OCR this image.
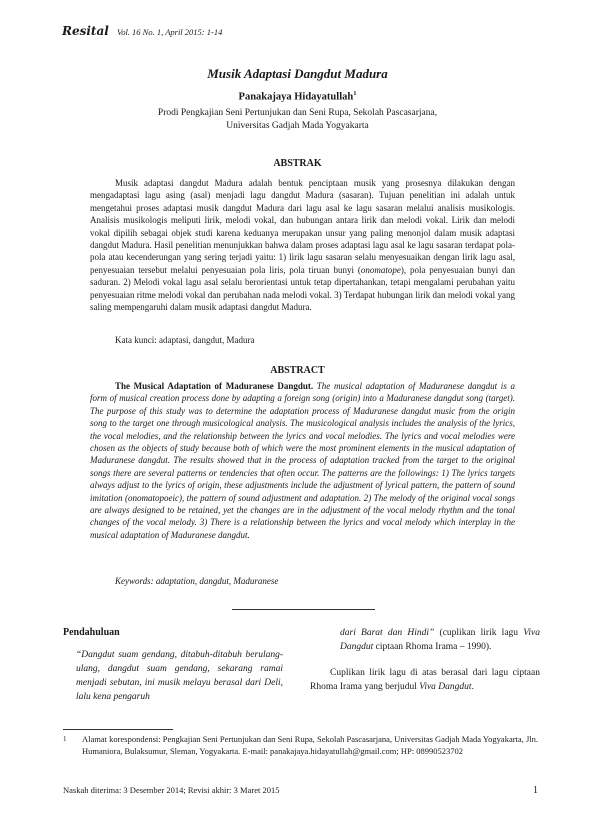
Resital Vol. 16 No. 1, April 2015: 1-14
Musik Adaptasi Dangdut Madura
Panakajaya Hidayatullah$^1$
Prodi Pengkajian Seni Pertunjukan dan Seni Rupa, Sekolah Pascasarjana,
Universitas Gadjah Mada Yogyakarta
ABSTRAK
Musik adaptasi dangdut Madura adalah bentuk penciptaan musik yang prosesnya dilakukan dengan mengadaptasi lagu asing (asal) menjadi lagu dangdut Madura (sasaran). Tujuan penelitian ini adalah untuk mengetahui proses adaptasi musik dangdut Madura dari lagu asal ke lagu sasaran melalui analisis musikologis. Analisis musikologis meliputi lirik, melodi vokal, dan hubungan antara lirik dan melodi vokal. Lirik dan melodi vokal dipilih sebagai objek studi karena keduanya merupakan unsur yang paling menonjol dalam musik adaptasi dangdut Madura. Hasil penelitian menunjukkan bahwa dalam proses adaptasi lagu asal ke lagu sasaran terdapat pola-pola atau kecenderungan yang sering terjadi yaitu: 1) lirik lagu sasaran selalu menyesuaikan dengan lirik lagu asal, penyesuaian tersebut melalui penyesuaian pola liris, pola tiruan bunyi (onomatope), pola penyesuaian bunyi dan saduran. 2) Melodi vokal lagu asal selalu berorientasi untuk tetap dipertahankan, tetapi mengalami perubahan yaitu penyesuaian ritme melodi vokal dan perubahan nada melodi vokal. 3) Terdapat hubungan lirik dan melodi vokal yang saling mempengaruhi dalam musik adaptasi dangdut Madura.
Kata kunci: adaptasi, dangdut, Madura
ABSTRACT
The Musical Adaptation of Maduranese Dangdut. The musical adaptation of Maduranese dangdut is a form of musical creation process done by adapting a foreign song (origin) into a Maduranese dangdut song (target). The purpose of this study was to determine the adaptation process of Maduranese dangdut music from the origin song to the target one through musicological analysis. The musicological analysis includes the analysis of the lyrics, the vocal melodies, and the relationship between the lyrics and vocal melodies. The lyrics and vocal melodies were chosen as the objects of study because both of which were the most prominent elements in the musical adaptation of Maduranese dangdut. The results showed that in the process of adaptation tracked from the target to the original songs there are several patterns or tendencies that often occur. The patterns are the followings: 1) The lyrics targets always adjust to the lyrics of origin, these adjustments include the adjustment of lyrical pattern, the pattern of sound imitation (onomatopoeic), the pattern of sound adjustment and adaptation. 2) The melody of the original vocal songs are always designed to be retained, yet the changes are in the adjustment of the vocal melody rhythm and the tonal changes of the vocal melody. 3) There is a relationship between the lyrics and vocal melody which interplay in the musical adaptation of Maduranese dangdut.
Keywords: adaptation, dangdut, Maduranese
Pendahuluan
“Dangdut suam gendang, ditabuh-ditabuh berulang-ulang, dangdut suam gendang, sekarang ramai menjadi sebutan, ini musik melayu berasal dari Deli, lalu kena pengaruh
dari Barat dan Hindi” (cuplikan lirik lagu Viva Dangdut ciptaan Rhoma Irama – 1990).
Cuplikan lirik lagu di atas berasal dari lagu ciptaan Rhoma Irama yang berjudul Viva Dangdut.
1	Alamat korespondensi: Pengkajian Seni Pertunjukan dan Seni Rupa, Sekolah Pascasarjana, Universitas Gadjah Mada Yogyakarta, Jln. Humaniora, Bulaksumur, Sleman, Yogyakarta. E-mail: panakajaya.hidayatullah@gmail.com; HP: 08990523702
Naskah diterima: 3 Desember 2014; Revisi akhir: 3 Maret 2015	1
